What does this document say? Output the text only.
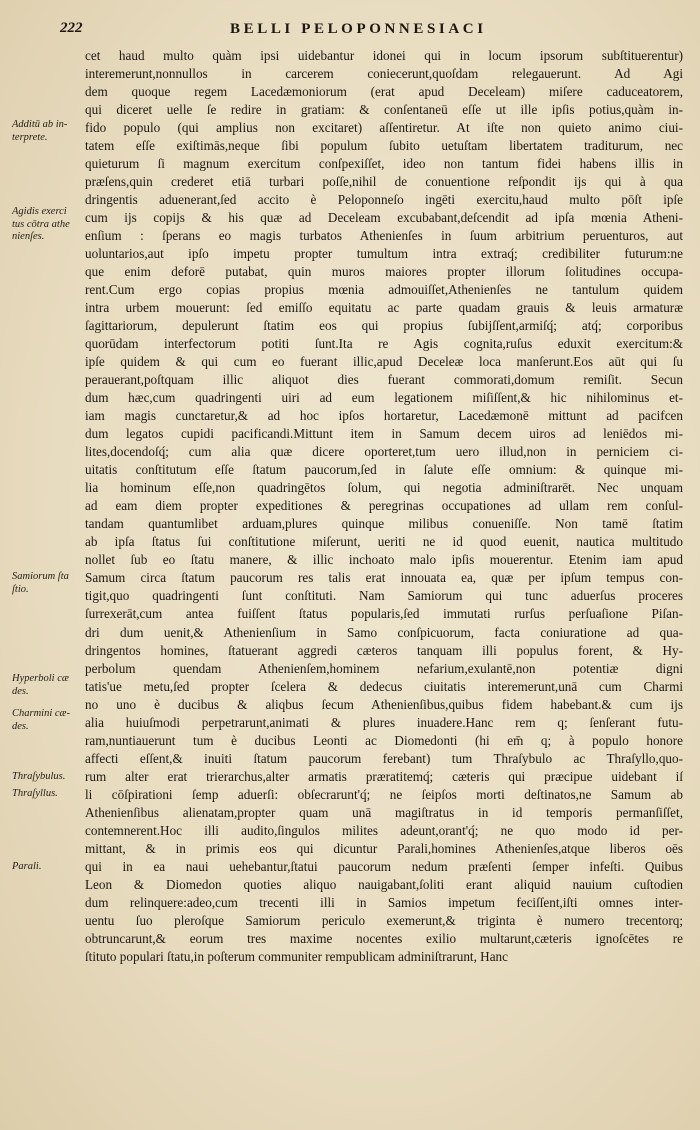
222	BELLI PELOPONNESIACI
cet haud multo quàm ipsi uidebantur idonei qui in locum ipsorum subſtituerentur)
interemerunt,nonnullos in carcerem coniecerunt,quoſdam relegauerunt. Ad Agi
dem quoque regem Lacedæmoniorum (erat apud Deceleam) miſere caduceatorem,
qui diceret uelle ſe redire in gratiam: & conſentaneū eſſe ut ille ipſis potius,quàm in-
fido populo (qui amplius non excitaret) aſſentiretur. At iſte non quieto animo ciui-
tatem eſſe exiſtimās,neque ſibi populum ſubito uetuſtam libertatem traditurum, nec
quieturum ſi magnum exercitum conſpexiſſet, ideo non tantum fidei habens illis in
præſens,quin crederet etiā turbari poſſe,nihil de conuentione reſpondit ijs qui à qua
dringentis aduenerant,ſed accito è Peloponneſo ingēti exercitu,haud multo pōſt ipſe
cum ijs copijs & his quæ ad Deceleam excubabant,deſcendit ad ipſa mœnia Atheni-
enſium : ſperans eo magis turbatos Athenienſes in ſuum arbitrium peruenturos, aut
uoluntarios,aut ipſo impetu propter tumultum intra extraq́; credibiliter futurum:ne
que enim deforē putabat, quin muros maiores propter illorum ſolitudines occupa-
rent.Cum ergo copias propius mœnia admouiſſet,Athenienſes ne tantulum quidem
intra urbem mouerunt: ſed emiſſo equitatu ac parte quadam grauis & leuis armaturæ
ſagittariorum, depulerunt ſtatim eos qui propius ſubijſſent,armiſq́; atq́; corporibus
quorūdam interfectorum potiti ſunt.Ita re Agis cognita,ruſus eduxit exercitum:&
ipſe quidem & qui cum eo fuerant illic,apud Deceleæ loca manſerunt.Eos aūt qui ſu
perauerant,poſtquam illic aliquot dies fuerant commorati,domum remiſit. Secun
dum hæc,cum quadringenti uiri ad eum legationem miſiſſent,& hic nihilominus et-
iam magis cunctaretur,& ad hoc ipſos hortaretur, Lacedæmonē mittunt ad pacifcen
dum legatos cupidi pacificandi.Mittunt item in Samum decem uiros ad leniēdos mi-
lites,docendoſq́; cum alia quæ dicere oporteret,tum uero illud,non in perniciem ci-
uitatis conſtitutum eſſe ſtatum paucorum,ſed in ſalute eſſe omnium: & quinque mi-
lia hominum eſſe,non quadringētos ſolum, qui negotia adminiſtrarēt. Nec unquam
ad eam diem propter expeditiones & peregrinas occupationes ad ullam rem conſul-
tandam quantumlibet arduam,plures quinque milibus conueniſſe. Non tamē ſtatim
ab ipſa ſtatus ſui conſtitutione miſerunt, ueriti ne id quod euenit, nautica multitudo
nollet ſub eo ſtatu manere, & illic inchoato malo ipſis mouerentur. Etenim iam apud
Samum circa ſtatum paucorum res talis erat innouata ea, quæ per ipſum tempus con-
tigit,quo quadringenti ſunt conſtituti. Nam Samiorum qui tunc aduerſus proceres
ſurrexerāt,cum antea fuiſſent ſtatus popularis,ſed immutati rurſus perſuaſione Piſan-
dri dum uenit,& Athenienſium in Samo conſpicuorum, facta coniuratione ad qua-
dringentos homines, ſtatuerant aggredi cæteros tanquam illi populus forent, & Hy-
perbolum quendam Athenienſem,hominem nefarium,exulantē,non potentiæ digni
tatis'ue metu,ſed propter ſcelera & dedecus ciuitatis interemerunt,unā cum Charmi
no uno è ducibus & aliqbus ſecum Athenienſibus,quibus fidem habebant.& cum ijs
alia huiuſmodi perpetrarunt,animati & plures inuadere.Hanc rem q; ſenſerant futu-
ram,nuntiauerunt tum è ducibus Leonti ac Diomedonti (hi em̄ q; à populo honore
affecti eſſent,& inuiti ſtatum paucorum ferebant) tum Thraſybulo ac Thraſyllo,quo-
rum alter erat trierarchus,alter armatis præratitemq́; cæteris qui præcipue uidebant iſ
li cōſpirationi ſemp aduerſi: obſecrarunt'q́; ne ſeipſos morti deſtinatos,ne Samum ab
Athenienſibus alienatam,propter quam unā magiſtratus in id temporis permanſiſſet,
contemnerent.Hoc illi audito,ſingulos milites adeunt,orant'q́; ne quo modo id per-
mittant, & in primis eos qui dicuntur Parali,homines Athenienſes,atque liberos oēs
qui in ea naui uehebantur,ſtatui paucorum nedum præſenti ſemper infeſti. Quibus
Leon & Diomedon quoties aliquo nauigabant,ſoliti erant aliquid nauium cuſtodien
dum relinquere:adeo,cum trecenti illi in Samios impetum feciſſent,iſti omnes inter-
uentu ſuo pleroſque Samiorum periculo exemerunt,& triginta è numero trecentorq;
obtruncarunt,& eorum tres maxime nocentes exilio multarunt,cæteris ignoſcētes re
ſtituto populari ſtatu,in poſterum communiter rempublicam adminiſtrarunt, Hanc
Additū ab in-
terprete.
Agidis exerci
tus cōtra athe
nienſes.
Samiorum ſta
ſtio.
Hyperboli cæ
des.
Charmini cæ-
des.
Thraſybulus.
Thraſyllus.
Parali.
